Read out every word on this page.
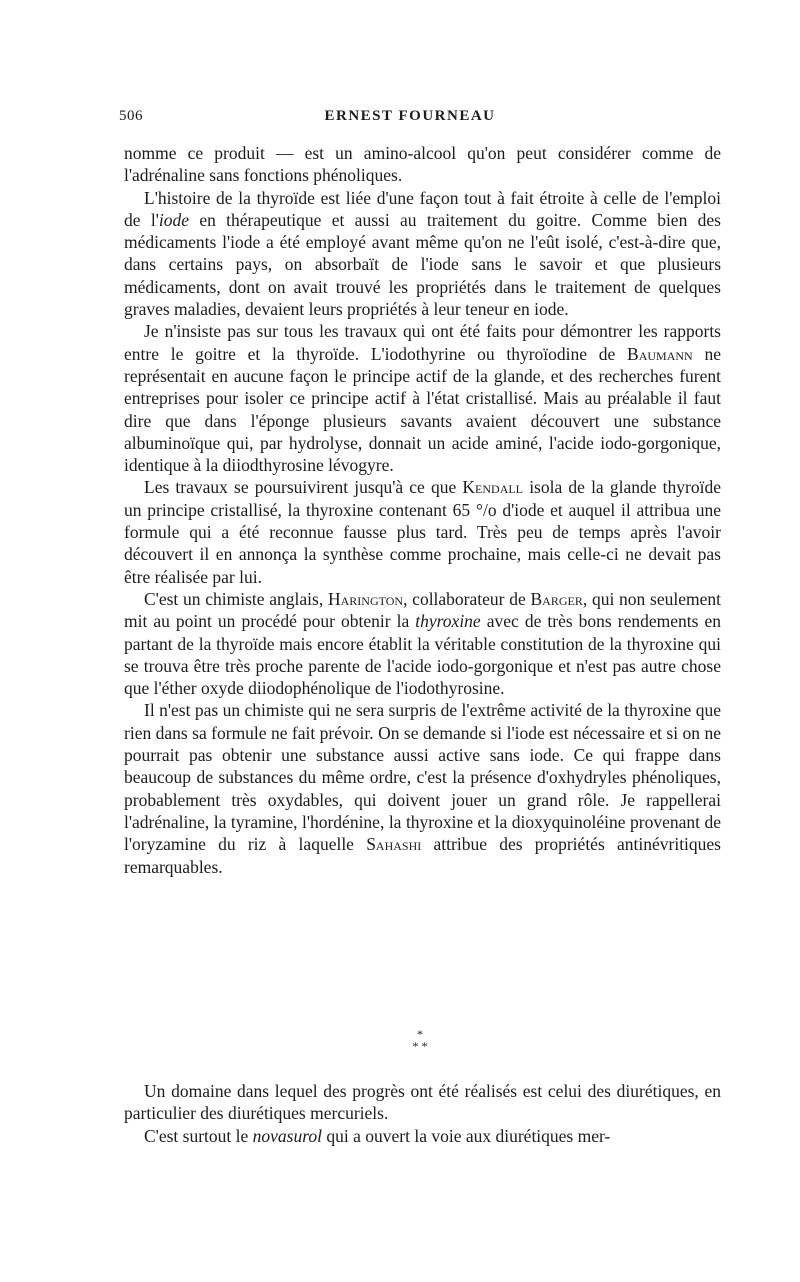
506	ERNEST FOURNEAU

nomme ce produit — est un amino-alcool qu'on peut considérer comme de l'adrénaline sans fonctions phénoliques.

L'histoire de la thyroïde est liée d'une façon tout à fait étroite à celle de l'emploi de l'iode en thérapeutique et aussi au traitement du goitre. Comme bien des médicaments l'iode a été employé avant même qu'on ne l'eût isolé, c'est-à-dire que, dans certains pays, on absorbaït de l'iode sans le savoir et que plusieurs médicaments, dont on avait trouvé les propriétés dans le traitement de quelques graves maladies, devaient leurs propriétés à leur teneur en iode.

Je n'insiste pas sur tous les travaux qui ont été faits pour démontrer les rapports entre le goitre et la thyroïde. L'iodothyrine ou thyroïodine de Baumann ne représentait en aucune façon le principe actif de la glande, et des recherches furent entreprises pour isoler ce principe actif à l'état cristallisé. Mais au préalable il faut dire que dans l'éponge plusieurs savants avaient découvert une substance albuminoïque qui, par hydrolyse, donnait un acide aminé, l'acide iodo-gorgonique, identique à la diiodthyrosine lévogyre.

Les travaux se poursuivirent jusqu'à ce que Kendall isola de la glande thyroïde un principe cristallisé, la thyroxine contenant 65 °/o d'iode et auquel il attribua une formule qui a été reconnue fausse plus tard. Très peu de temps après l'avoir découvert il en annonça la synthèse comme prochaine, mais celle-ci ne devait pas être réalisée par lui.

C'est un chimiste anglais, Harington, collaborateur de Barger, qui non seulement mit au point un procédé pour obtenir la thyroxine avec de très bons rendements en partant de la thyroïde mais encore établit la véritable constitution de la thyroxine qui se trouva être très proche parente de l'acide iodo-gorgonique et n'est pas autre chose que l'éther oxyde diiodophénolique de l'iodothyrosine.

Il n'est pas un chimiste qui ne sera surpris de l'extrême activité de la thyroxine que rien dans sa formule ne fait prévoir. On se demande si l'iode est nécessaire et si on ne pourrait pas obtenir une substance aussi active sans iode. Ce qui frappe dans beaucoup de substances du même ordre, c'est la présence d'oxhydryles phénoliques, probablement très oxydables, qui doivent jouer un grand rôle. Je rappellerai l'adrénaline, la tyramine, l'hordénine, la thyroxine et la dioxyquinoléine provenant de l'oryzamine du riz à laquelle Sahashi attribue des propriétés antinévritiques remarquables.

*
* *

Un domaine dans lequel des progrès ont été réalisés est celui des diurétiques, en particulier des diurétiques mercuriels.

C'est surtout le novasurol qui a ouvert la voie aux diurétiques mer-
